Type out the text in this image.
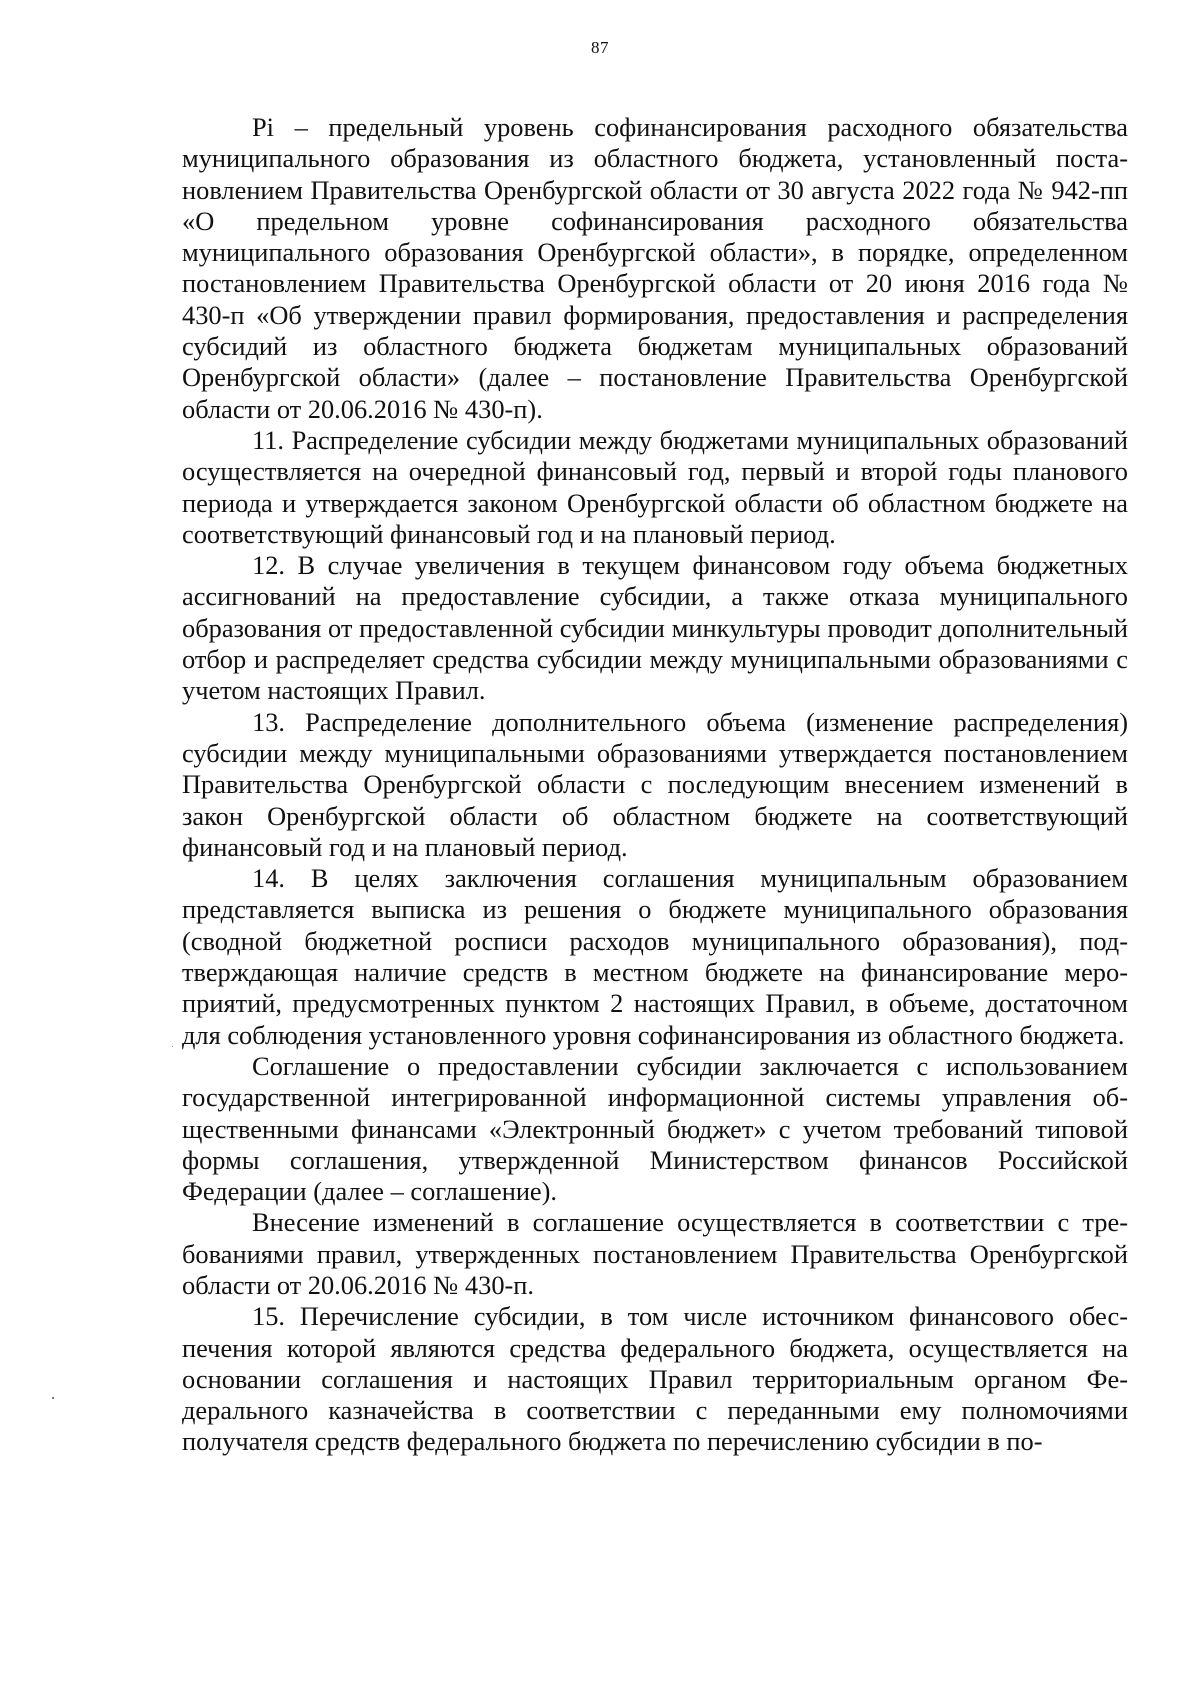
87

Pi – предельный уровень софинансирования расходного обязательства муниципального образования из областного бюджета, установленный постановлением Правительства Оренбургской области от 30 августа 2022 года № 942-пп «О предельном уровне софинансирования расходного обязательства муниципального образования Оренбургской области», в порядке, определенном постановлением Правительства Оренбургской области от 20 июня 2016 года № 430-п «Об утверждении правил формирования, предоставления и распределения субсидий из областного бюджета бюджетам муниципальных образований Оренбургской области» (далее – постановление Правительства Оренбургской области от 20.06.2016 № 430-п).

11. Распределение субсидии между бюджетами муниципальных образований осуществляется на очередной финансовый год, первый и второй годы планового периода и утверждается законом Оренбургской области об областном бюджете на соответствующий финансовый год и на плановый период.

12. В случае увеличения в текущем финансовом году объема бюджетных ассигнований на предоставление субсидии, а также отказа муниципального образования от предоставленной субсидии минкультуры проводит дополнительный отбор и распределяет средства субсидии между муниципальными образованиями с учетом настоящих Правил.

13. Распределение дополнительного объема (изменение распределения) субсидии между муниципальными образованиями утверждается постановлением Правительства Оренбургской области с последующим внесением изменений в закон Оренбургской области об областном бюджете на соответствующий финансовый год и на плановый период.

14. В целях заключения соглашения муниципальным образованием представляется выписка из решения о бюджете муниципального образования (сводной бюджетной росписи расходов муниципального образования), подтверждающая наличие средств в местном бюджете на финансирование мероприятий, предусмотренных пунктом 2 настоящих Правил, в объеме, достаточном для соблюдения установленного уровня софинансирования из областного бюджета.

Соглашение о предоставлении субсидии заключается с использованием государственной интегрированной информационной системы управления общественными финансами «Электронный бюджет» с учетом требований типовой формы соглашения, утвержденной Министерством финансов Российской Федерации (далее – соглашение).

Внесение изменений в соглашение осуществляется в соответствии с требованиями правил, утвержденных постановлением Правительства Оренбургской области от 20.06.2016 № 430-п.

15. Перечисление субсидии, в том числе источником финансового обеспечения которой являются средства федерального бюджета, осуществляется на основании соглашения и настоящих Правил территориальным органом Федерального казначейства в соответствии с переданными ему полномочиями получателя средств федерального бюджета по перечислению субсидии в по-
